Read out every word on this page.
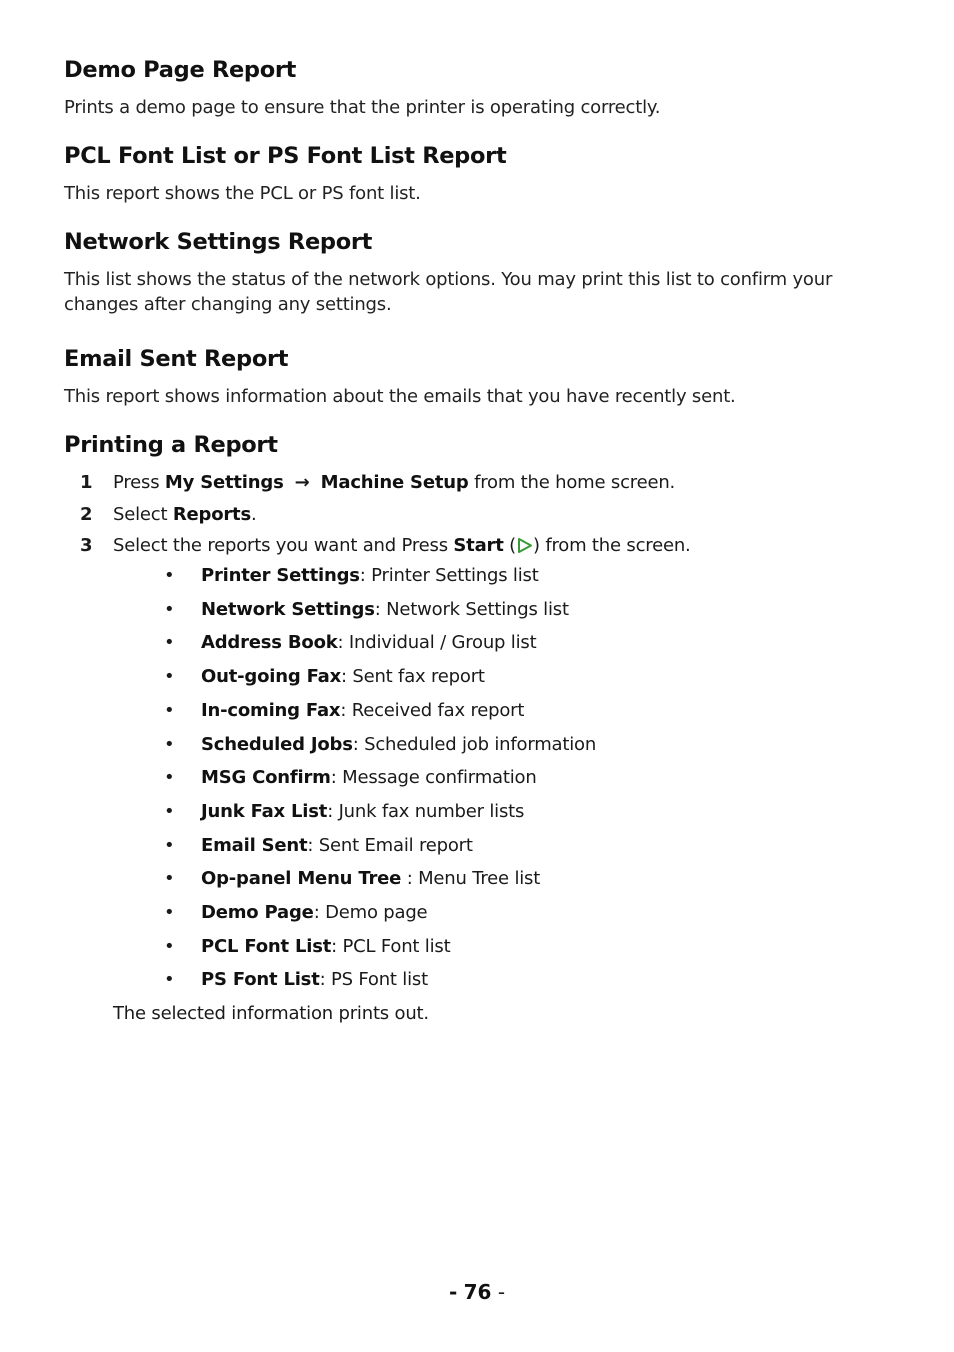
Demo Page Report

Prints a demo page to ensure that the printer is operating correctly.

PCL Font List or PS Font List Report

This report shows the PCL or PS font list.

Network Settings Report

This list shows the status of the network options. You may print this list to confirm your changes after changing any settings.

Email Sent Report

This report shows information about the emails that you have recently sent.

Printing a Report
1 Press My Settings → Machine Setup from the home screen.
2 Select Reports.
3 Select the reports you want and Press Start ( ) from the screen.
• Printer Settings: Printer Settings list
• Network Settings: Network Settings list
• Address Book: Individual / Group list
• Out-going Fax: Sent fax report
• In-coming Fax: Received fax report
• Scheduled Jobs: Scheduled job information
• MSG Confirm: Message confirmation
• Junk Fax List: Junk fax number lists
• Email Sent: Sent Email report
• Op-panel Menu Tree : Menu Tree list
• Demo Page: Demo page
• PCL Font List: PCL Font list
• PS Font List: PS Font list

The selected information prints out.

- 76 -
